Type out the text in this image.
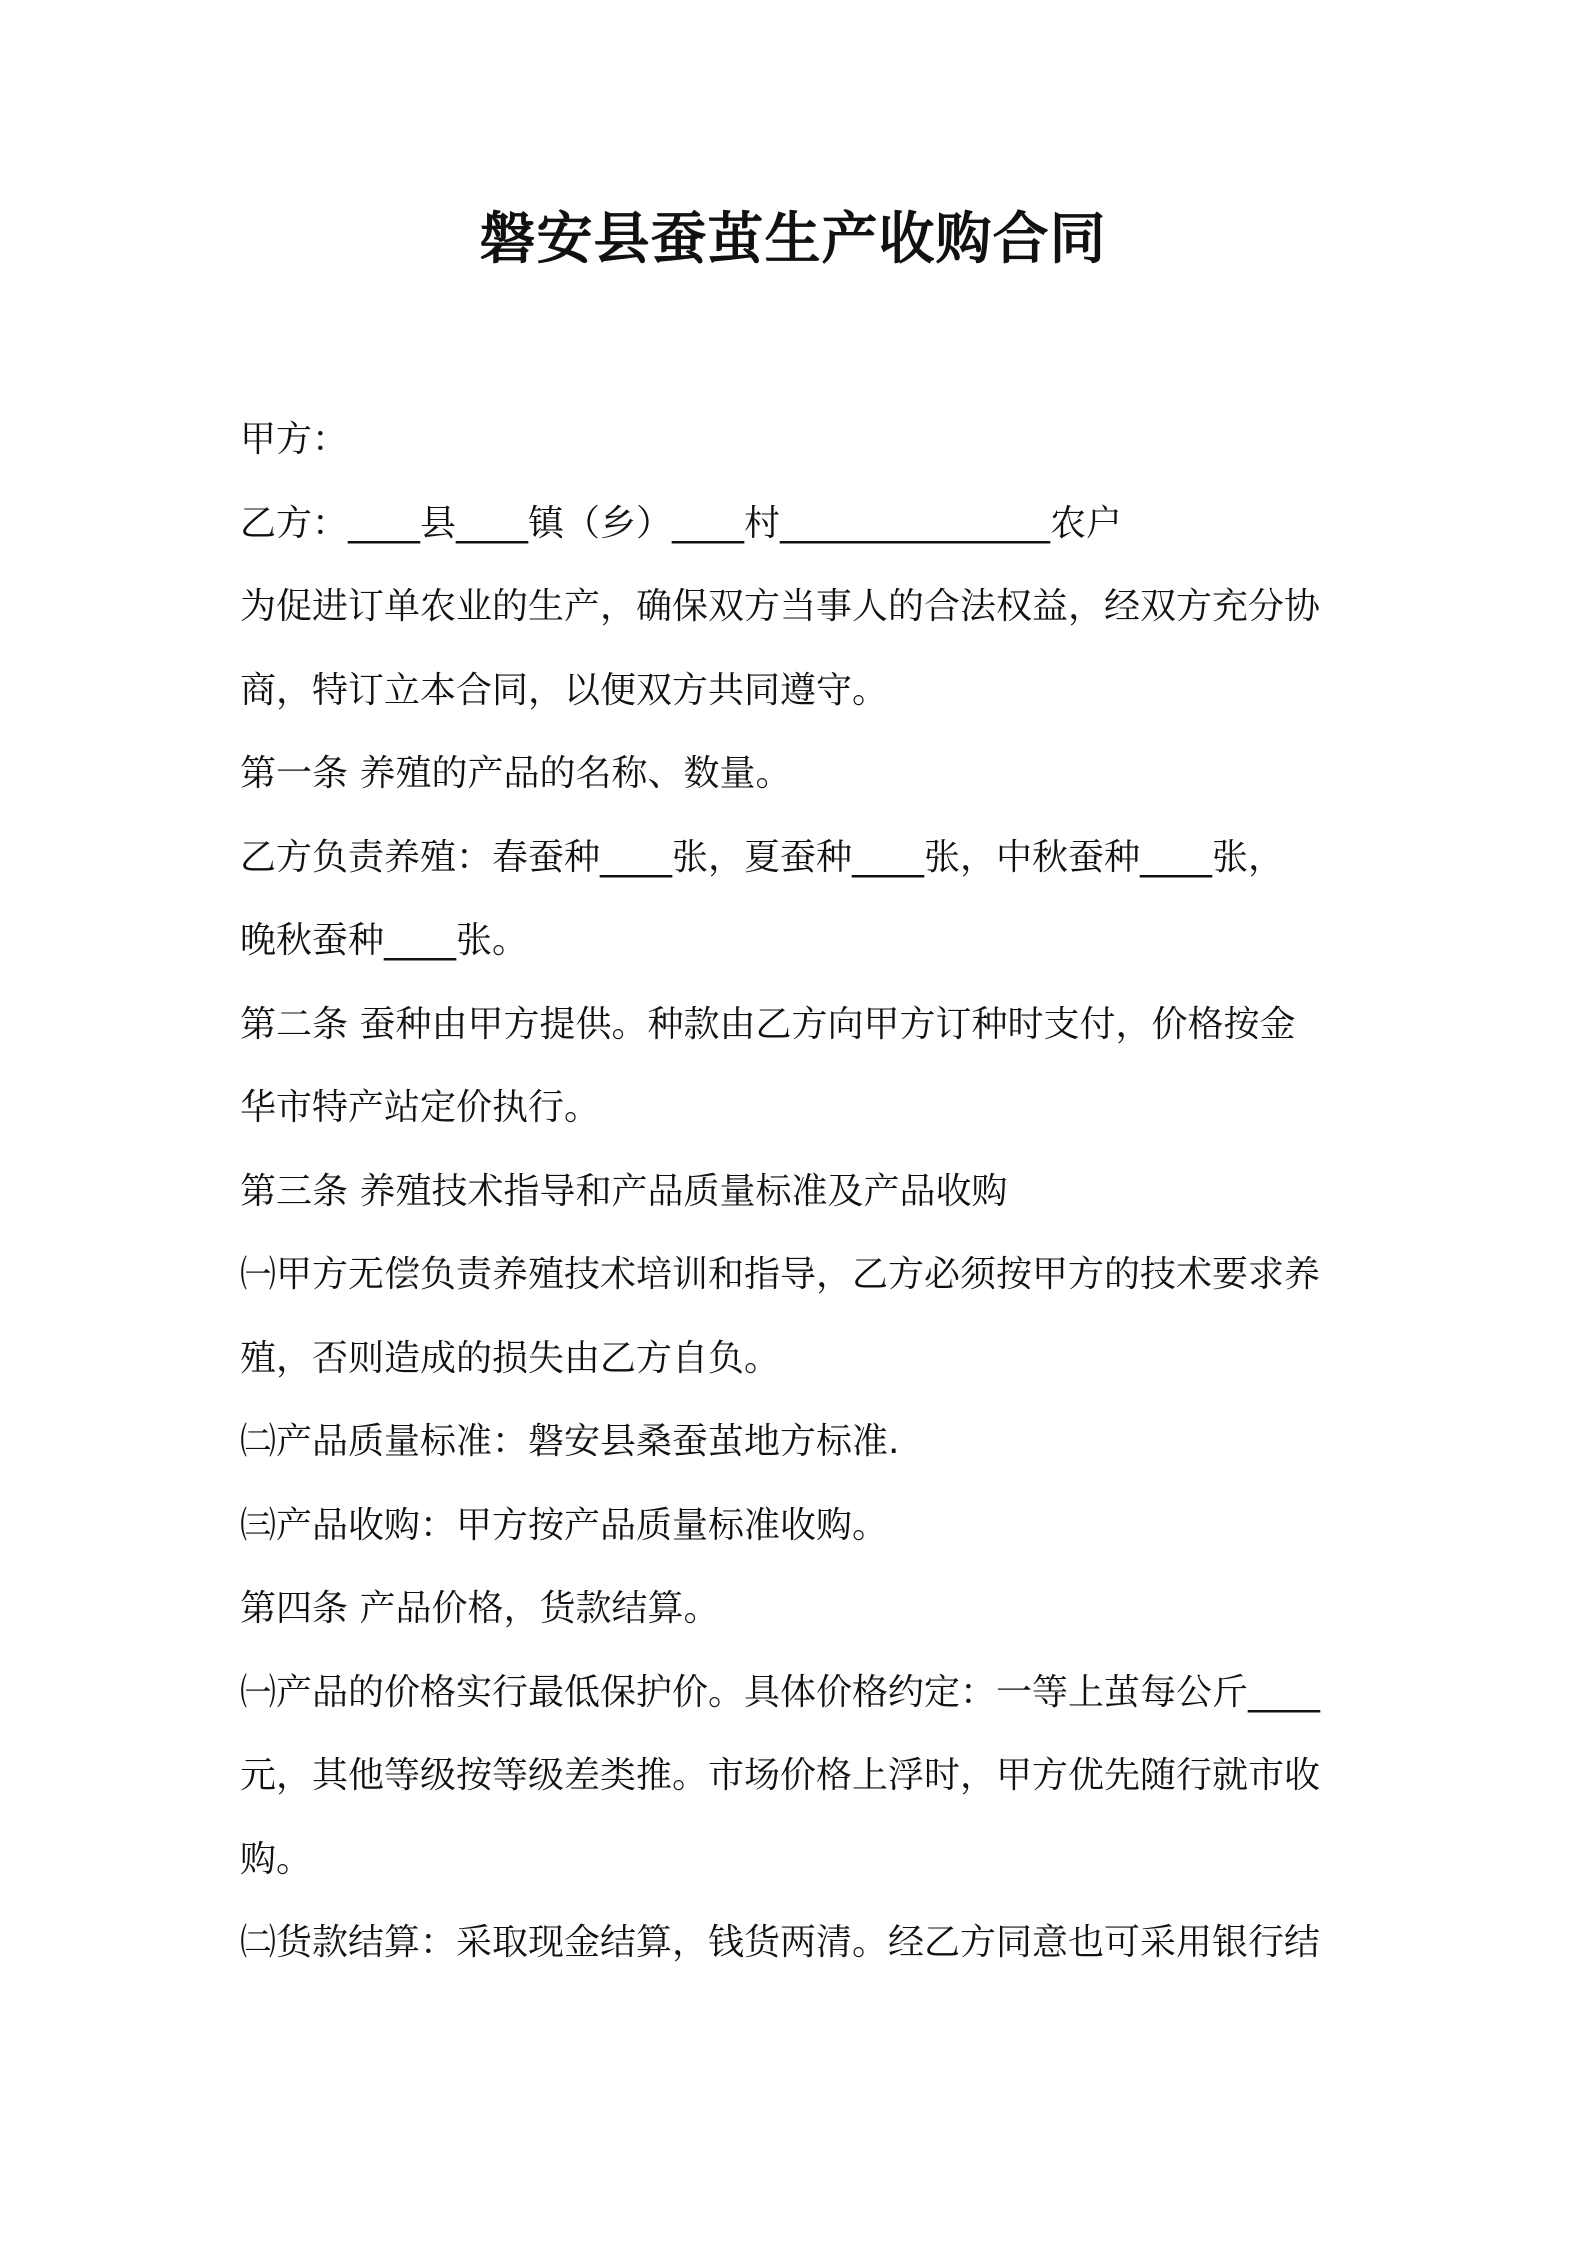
磐安县蚕茧生产收购合同
甲方：
乙方：____县____镇（乡）____村_______________农户
为促进订单农业的生产，确保双方当事人的合法权益，经双方充分协
商，特订立本合同，以便双方共同遵守。
第一条 养殖的产品的名称、数量。
乙方负责养殖：春蚕种____张，夏蚕种____张，中秋蚕种____张，
晚秋蚕种____张。
第二条 蚕种由甲方提供。种款由乙方向甲方订种时支付，价格按金
华市特产站定价执行。
第三条 养殖技术指导和产品质量标准及产品收购
㈠甲方无偿负责养殖技术培训和指导，乙方必须按甲方的技术要求养
殖，否则造成的损失由乙方自负。
㈡产品质量标准：磐安县桑蚕茧地方标准.
㈢产品收购：甲方按产品质量标准收购。
第四条 产品价格，货款结算。
㈠产品的价格实行最低保护价。具体价格约定：一等上茧每公斤____
元，其他等级按等级差类推。市场价格上浮时，甲方优先随行就市收
购。
㈡货款结算：采取现金结算，钱货两清。经乙方同意也可采用银行结
